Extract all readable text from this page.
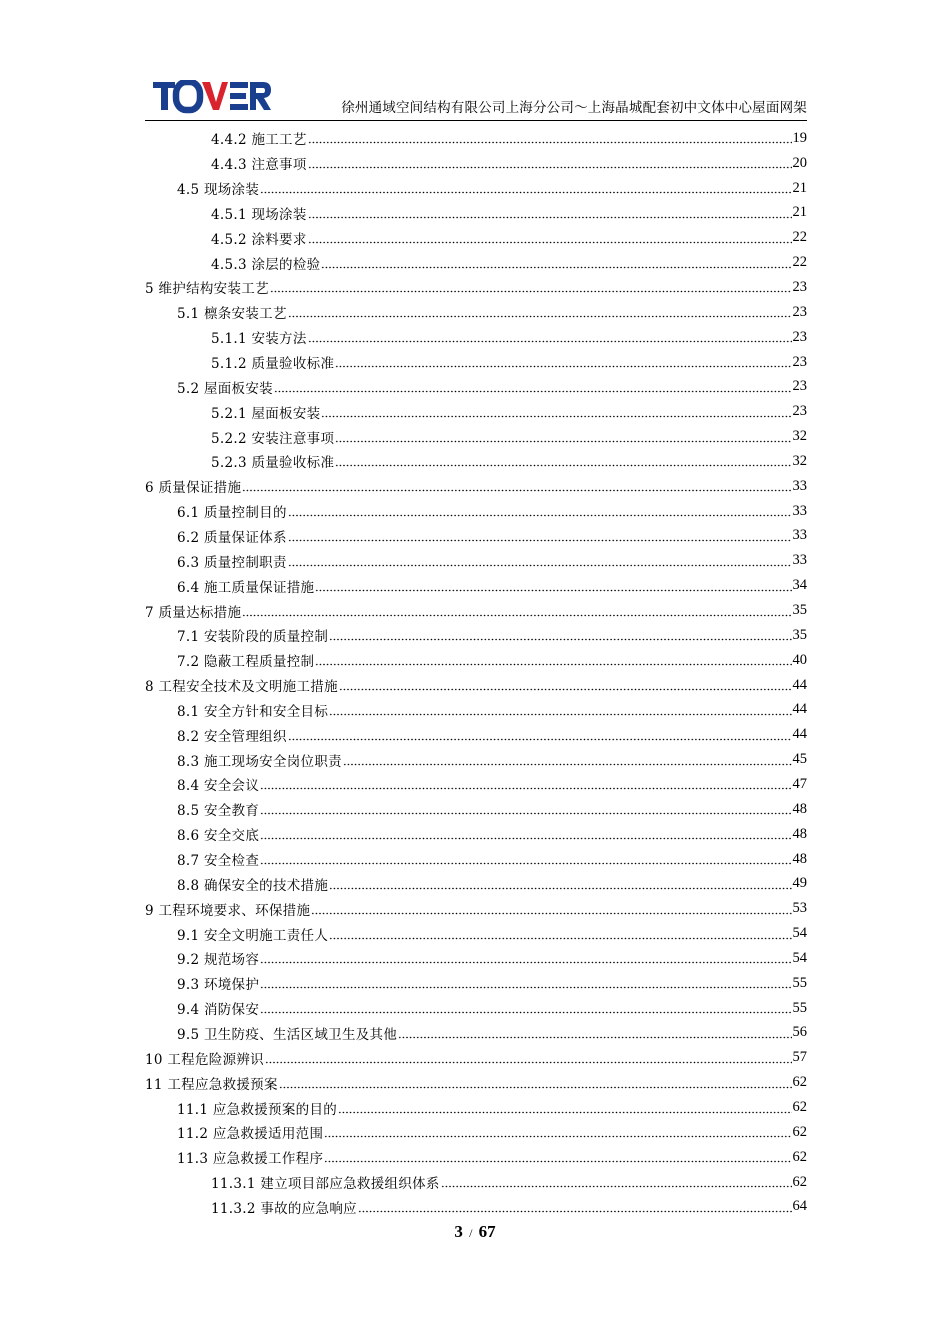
徐州通域空间结构有限公司上海分公司～上海晶城配套初中文体中心屋面网架
4.4.2 施工工艺	19
4.4.3 注意事项	20
4.5 现场涂装	21
4.5.1 现场涂装	21
4.5.2 涂料要求	22
4.5.3 涂层的检验	22
5 维护结构安装工艺	23
5.1 檩条安装工艺	23
5.1.1 安装方法	23
5.1.2 质量验收标准	23
5.2 屋面板安装	23
5.2.1 屋面板安装	23
5.2.2 安装注意事项	32
5.2.3 质量验收标准	32
6 质量保证措施	33
6.1 质量控制目的	33
6.2 质量保证体系	33
6.3 质量控制职责	33
6.4 施工质量保证措施	34
7 质量达标措施	35
7.1 安装阶段的质量控制	35
7.2 隐蔽工程质量控制	40
8 工程安全技术及文明施工措施	44
8.1 安全方针和安全目标	44
8.2 安全管理组织	44
8.3 施工现场安全岗位职责	45
8.4 安全会议	47
8.5 安全教育	48
8.6 安全交底	48
8.7 安全检查	48
8.8 确保安全的技术措施	49
9 工程环境要求、环保措施	53
9.1 安全文明施工责任人	54
9.2 规范场容	54
9.3 环境保护	55
9.4 消防保安	55
9.5 卫生防疫、生活区域卫生及其他	56
10 工程危险源辨识	57
11 工程应急救援预案	62
11.1 应急救援预案的目的	62
11.2 应急救援适用范围	62
11.3 应急救援工作程序	62
11.3.1 建立项目部应急救援组织体系	62
11.3.2 事故的应急响应	64
3 / 67
